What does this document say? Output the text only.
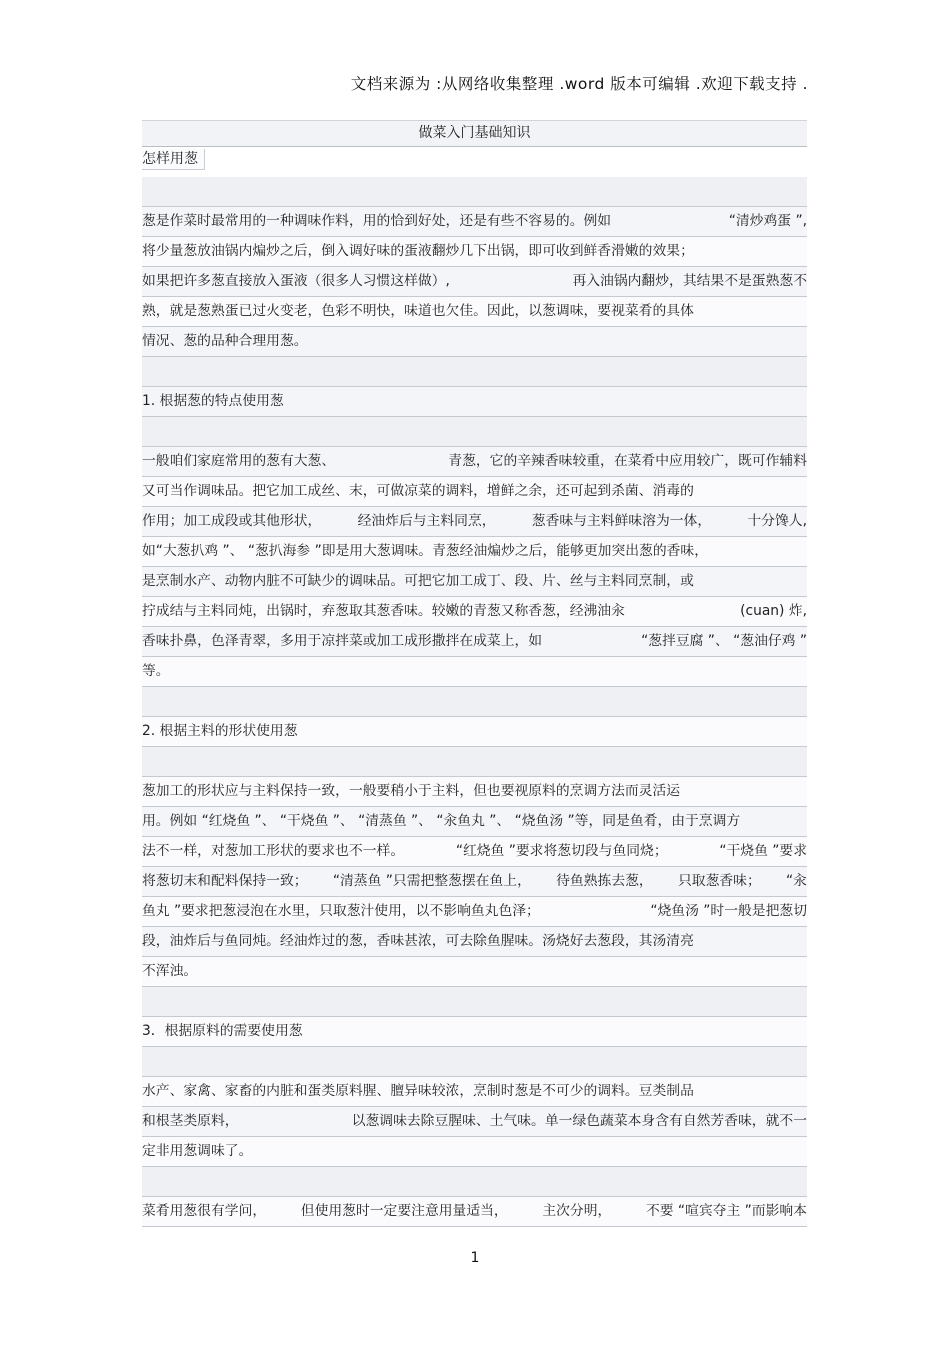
文档来源为 :从网络收集整理 .word 版本可编辑 .欢迎下载支持 .
做菜入门基础知识
怎样用葱
葱是作菜时最常用的一种调味作料，用的恰到好处，还是有些不容易的。例如	“清炒鸡蛋 ”,
将少量葱放油锅内煸炒之后，倒入调好味的蛋液翻炒几下出锅，即可收到鲜香滑嫩的效果；
如果把许多葱直接放入蛋液（很多人习惯这样做）,	再入油锅内翻炒，其结果不是蛋熟葱不
熟，就是葱熟蛋已过火变老，色彩不明快，味道也欠佳。因此，以葱调味，要视菜肴的具体
情况、葱的品种合理用葱。
1. 根据葱的特点使用葱
一般咱们家庭常用的葱有大葱、	青葱，它的辛辣香味较重，在菜肴中应用较广，既可作辅料
又可当作调味品。把它加工成丝、末，可做凉菜的调料，增鲜之余，还可起到杀菌、消毒的
作用；加工成段或其他形状，	经油炸后与主料同烹，	葱香味与主料鲜味溶为一体，	十分馋人,
如“大葱扒鸡 ”、 “葱扒海参 ”即是用大葱调味。青葱经油煸炒之后，能够更加突出葱的香味，
是烹制水产、动物内脏不可缺少的调味品。可把它加工成丁、段、片、丝与主料同烹制，或
拧成结与主料同炖，出锅时，弃葱取其葱香味。较嫩的青葱又称香葱，经沸油汆	(cuan) 炸,
香味扑鼻，色泽青翠，多用于凉拌菜或加工成形撒拌在成菜上，如	“葱拌豆腐 ”、 “葱油仔鸡 ”
等。
2. 根据主料的形状使用葱
葱加工的形状应与主料保持一致，一般要稍小于主料，但也要视原料的烹调方法而灵活运
用。例如 “红烧鱼 ”、 “干烧鱼 ”、 “清蒸鱼 ”、 “汆鱼丸 ”、 “烧鱼汤 ”等，同是鱼肴，由于烹调方
法不一样，对葱加工形状的要求也不一样。	“红烧鱼 ”要求将葱切段与鱼同烧；	“干烧鱼 ”要求
将葱切末和配料保持一致； “清蒸鱼 ”只需把整葱摆在鱼上， 待鱼熟拣去葱， 只取葱香味； “汆
鱼丸 ”要求把葱浸泡在水里，只取葱汁使用，以不影响鱼丸色泽；	“烧鱼汤 ”时一般是把葱切
段，油炸后与鱼同炖。经油炸过的葱，香味甚浓，可去除鱼腥味。汤烧好去葱段，其汤清亮
不浑浊。
3．根据原料的需要使用葱
水产、家禽、家畜的内脏和蛋类原料腥、膻异味较浓，烹制时葱是不可少的调料。豆类制品
和根茎类原料，	以葱调味去除豆腥味、土气味。单一绿色蔬菜本身含有自然芳香味，就不一
定非用葱调味了。
菜肴用葱很有学问，	但使用葱时一定要注意用量适当，	主次分明，	不要 “喧宾夺主 ”而影响本
1
